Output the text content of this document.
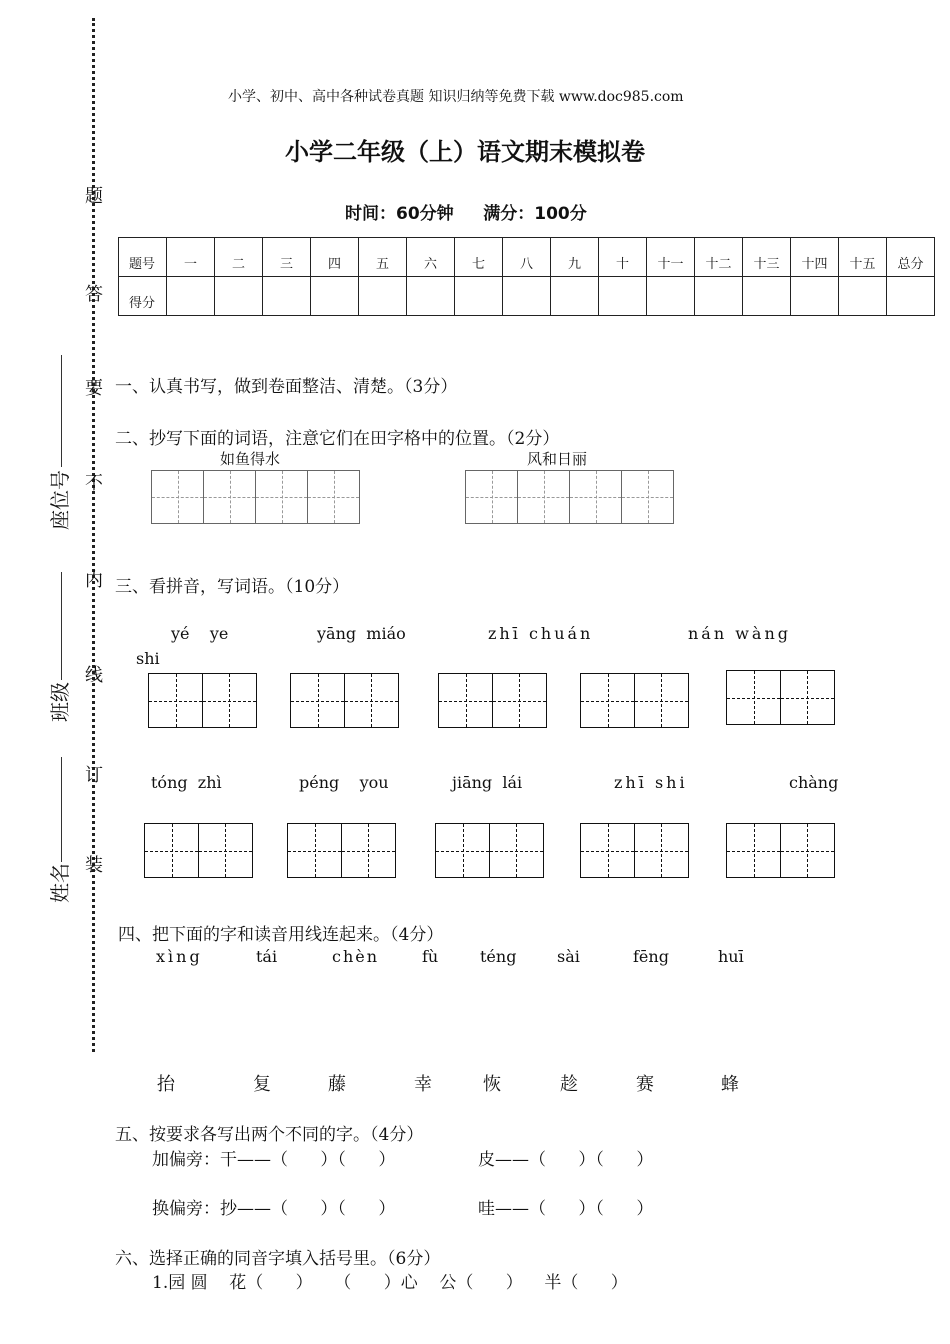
小学、初中、高中各种试卷真题 知识归纳等免费下载 www.doc985.com
小学二年级（上）语文期末模拟卷
时间：60分钟     满分：100分
题
答
要
不
内
线
订
装
座位号
班级
姓名
题号	一	二	三	四	五	六	七	八	九	十	十一	十二	十三	十四	十五	总分
得分																
一、认真书写，做到卷面整洁、清楚。（3分）
二、抄写下面的词语，注意它们在田字格中的位置。（2分）
如鱼得水	风和日丽
三、看拼音，写词语。（10分）
yé    ye	yāng  miáo	zhī chuán	nán wàng
shi
tóng  zhì	péng    you	jiāng  lái	zhī shi	chàng
四、把下面的字和读音用线连起来。（4分）
xìng	tái	chèn	fù	téng	sài	fēng	huī
抬	复	藤	幸	恢	趁	赛	蜂
五、按要求各写出两个不同的字。（4分）
加偏旁：干——（      ）（      ）	皮——（      ）（      ）
换偏旁：抄——（      ）（      ）	哇——（      ）（      ）
六、选择正确的同音字填入括号里。（6分）
1.园 圆    花（      ）    （      ）心    公（      ）    半（      ）
